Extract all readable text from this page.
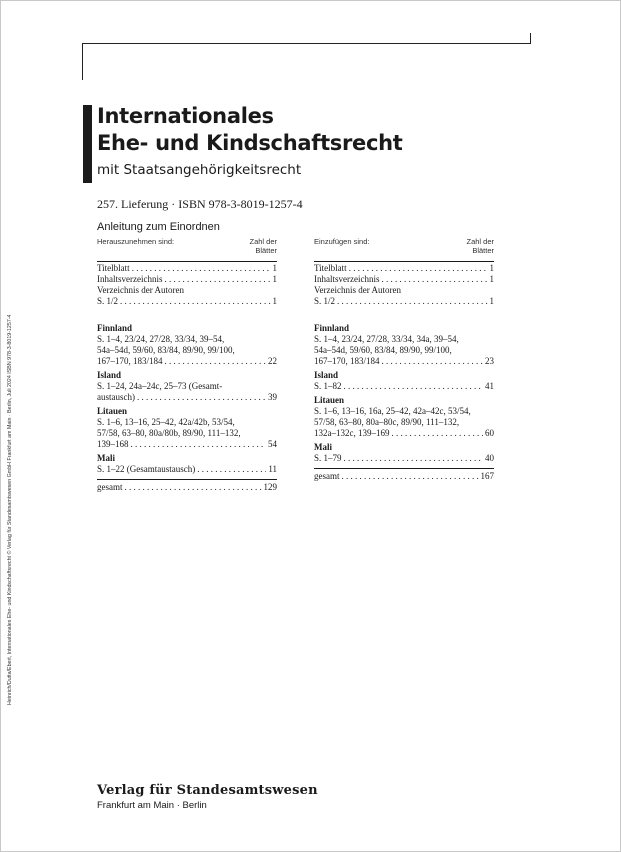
Internationales
Ehe- und Kindschaftsrecht
mit Staatsangehörigkeitsrecht
257. Lieferung · ISBN 978-3-8019-1257-4
Anleitung zum Einordnen
Herauszunehmen sind:	Zahl der
Blätter
Titelblatt . . .	1
Inhaltsverzeichnis . . .	1
Verzeichnis der Autoren
S. 1/2 . . .	1
Finnland
S. 1–4, 23/24, 27/28, 33/34, 39–54,
54a–54d, 59/60, 83/84, 89/90, 99/100,
167–170, 183/184 . . .	22
Island
S. 1–24, 24a–24c, 25–73 (Gesamt-
austausch) . . .	39
Litauen
S. 1–6, 13–16, 25–42, 42a/42b, 53/54,
57/58, 63–80, 80a/80b, 89/90, 111–132,
139–168 . . .	54
Mali
S. 1–22 (Gesamtaustausch) . . .	11
gesamt . . .	129
Einzufügen sind:	Zahl der
Blätter
Titelblatt . . .	1
Inhaltsverzeichnis . . .	1
Verzeichnis der Autoren
S. 1/2 . . .	1
Finnland
S. 1–4, 23/24, 27/28, 33/34, 34a, 39–54,
54a–54d, 59/60, 83/84, 89/90, 99/100,
167–170, 183/184 . . .	23
Island
S. 1–82 . . .	41
Litauen
S. 1–6, 13–16, 16a, 25–42, 42a–42c, 53/54,
57/58, 63–80, 80a–80c, 89/90, 111–132,
132a–132c, 139–169 . . .	60
Mali
S. 1–79 . . .	40
gesamt . . .	167
Heinrich/Dutta/Ebert, Internationales Ehe- und Kindschaftsrecht © Verlag für Standesamtswesen GmbH Frankfurt am Main · Berlin, Juli 2024 ISBN 978-3-8019-1257-4
Verlag für Standesamtswesen
Frankfurt am Main · Berlin
